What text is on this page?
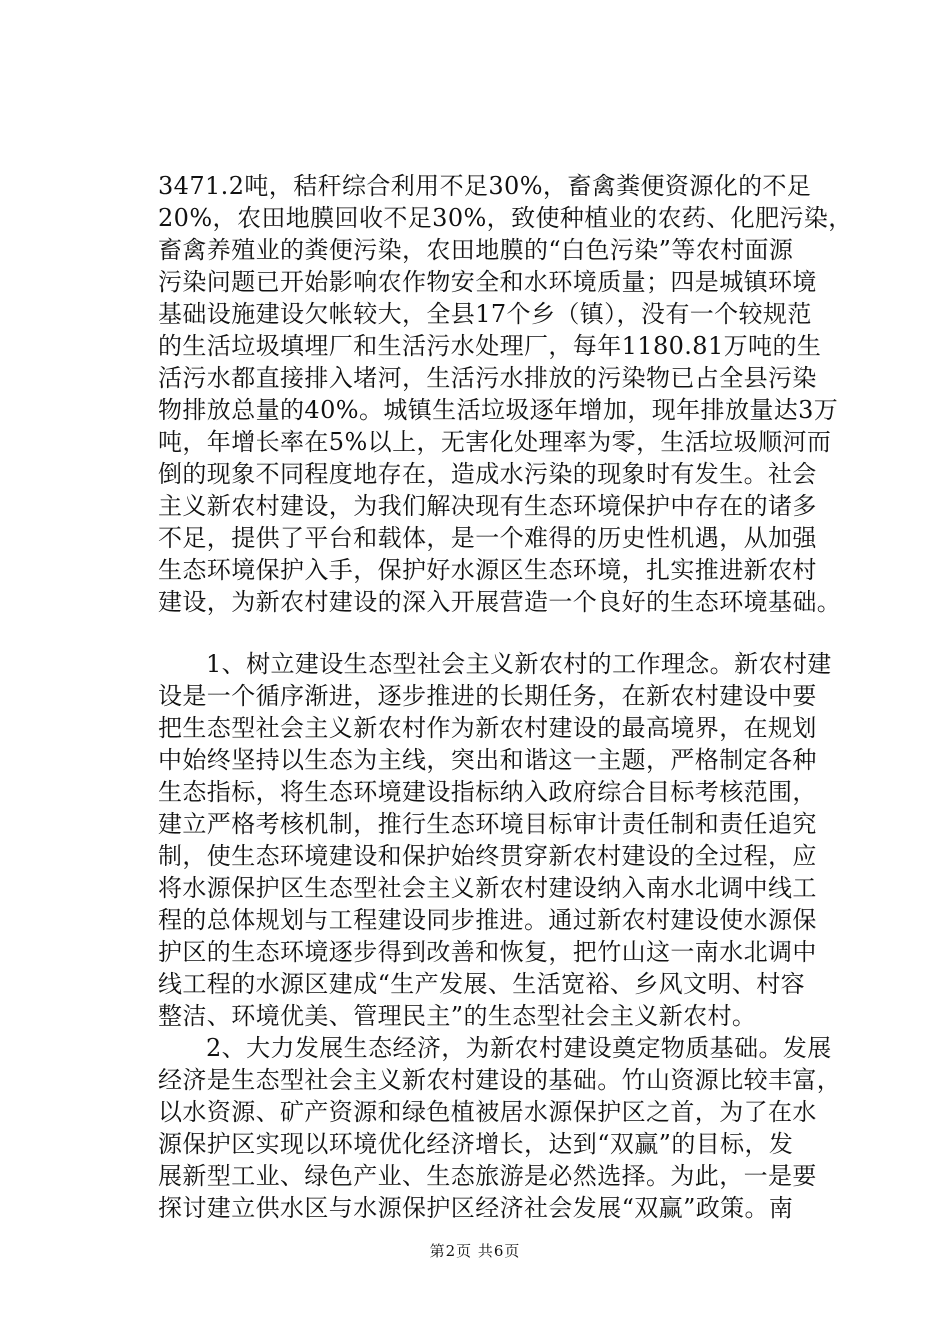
3471.2吨，秸秆综合利用不足30%，畜禽粪便资源化的不足
20%，农田地膜回收不足30%，致使种植业的农药、化肥污染，
畜禽养殖业的粪便污染，农田地膜的“白色污染”等农村面源
污染问题已开始影响农作物安全和水环境质量；四是城镇环境
基础设施建设欠帐较大，全县17个乡（镇），没有一个较规范
的生活垃圾填埋厂和生活污水处理厂，每年1180.81万吨的生
活污水都直接排入堵河，生活污水排放的污染物已占全县污染
物排放总量的40%。城镇生活垃圾逐年增加，现年排放量达3万
吨，年增长率在5%以上，无害化处理率为零，生活垃圾顺河而
倒的现象不同程度地存在，造成水污染的现象时有发生。社会
主义新农村建设，为我们解决现有生态环境保护中存在的诸多
不足，提供了平台和载体，是一个难得的历史性机遇，从加强
生态环境保护入手，保护好水源区生态环境，扎实推进新农村
建设，为新农村建设的深入开展营造一个良好的生态环境基础。
1、树立建设生态型社会主义新农村的工作理念。新农村建
设是一个循序渐进，逐步推进的长期任务，在新农村建设中要
把生态型社会主义新农村作为新农村建设的最高境界，在规划
中始终坚持以生态为主线，突出和谐这一主题，严格制定各种
生态指标，将生态环境建设指标纳入政府综合目标考核范围，
建立严格考核机制，推行生态环境目标审计责任制和责任追究
制，使生态环境建设和保护始终贯穿新农村建设的全过程，应
将水源保护区生态型社会主义新农村建设纳入南水北调中线工
程的总体规划与工程建设同步推进。通过新农村建设使水源保
护区的生态环境逐步得到改善和恢复，把竹山这一南水北调中
线工程的水源区建成“生产发展、生活宽裕、乡风文明、村容
整洁、环境优美、管理民主”的生态型社会主义新农村。
2、大力发展生态经济，为新农村建设奠定物质基础。发展
经济是生态型社会主义新农村建设的基础。竹山资源比较丰富，
以水资源、矿产资源和绿色植被居水源保护区之首，为了在水
源保护区实现以环境优化经济增长，达到“双赢”的目标，发
展新型工业、绿色产业、生态旅游是必然选择。为此，一是要
探讨建立供水区与水源保护区经济社会发展“双赢”政策。南
第2页 共6页
